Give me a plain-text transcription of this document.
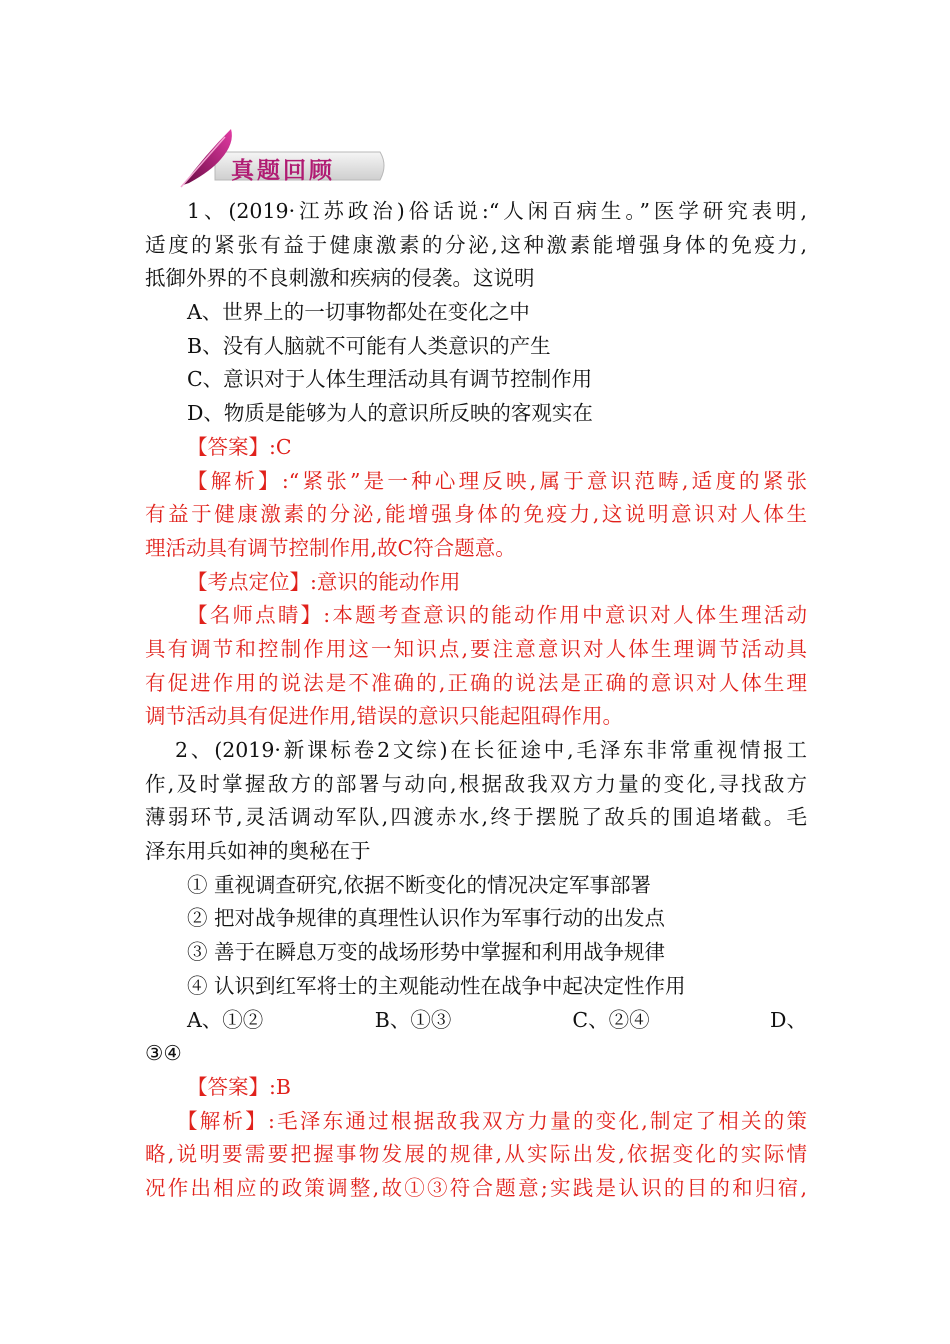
真题回顾
1、(2019·江苏政治)俗话说:“人闲百病生。”医学研究表明,
适度的紧张有益于健康激素的分泌,这种激素能增强身体的免疫力,
抵御外界的不良刺激和疾病的侵袭。这说明
A、世界上的一切事物都处在变化之中
B、没有人脑就不可能有人类意识的产生
C、意识对于人体生理活动具有调节控制作用
D、物质是能够为人的意识所反映的客观实在
【答案】:C
【解析】:“紧张”是一种心理反映,属于意识范畴,适度的紧张
有益于健康激素的分泌,能增强身体的免疫力,这说明意识对人体生
理活动具有调节控制作用,故C符合题意。
【考点定位】:意识的能动作用
【名师点睛】:本题考查意识的能动作用中意识对人体生理活动
具有调节和控制作用这一知识点,要注意意识对人体生理调节活动具
有促进作用的说法是不准确的,正确的说法是正确的意识对人体生理
调节活动具有促进作用,错误的意识只能起阻碍作用。
2、(2019·新课标卷2文综)在长征途中,毛泽东非常重视情报工
作,及时掌握敌方的部署与动向,根据敌我双方力量的变化,寻找敌方
薄弱环节,灵活调动军队,四渡赤水,终于摆脱了敌兵的围追堵截。毛
泽东用兵如神的奥秘在于
① 重视调查研究,依据不断变化的情况决定军事部署
② 把对战争规律的真理性认识作为军事行动的出发点
③ 善于在瞬息万变的战场形势中掌握和利用战争规律
④ 认识到红军将士的主观能动性在战争中起决定性作用
A、①②	B、①③	C、②④	D、
③④
【答案】:B
【解析】:毛泽东通过根据敌我双方力量的变化,制定了相关的策
略,说明要需要把握事物发展的规律,从实际出发,依据变化的实际情
况作出相应的政策调整,故①③符合题意;实践是认识的目的和归宿,
